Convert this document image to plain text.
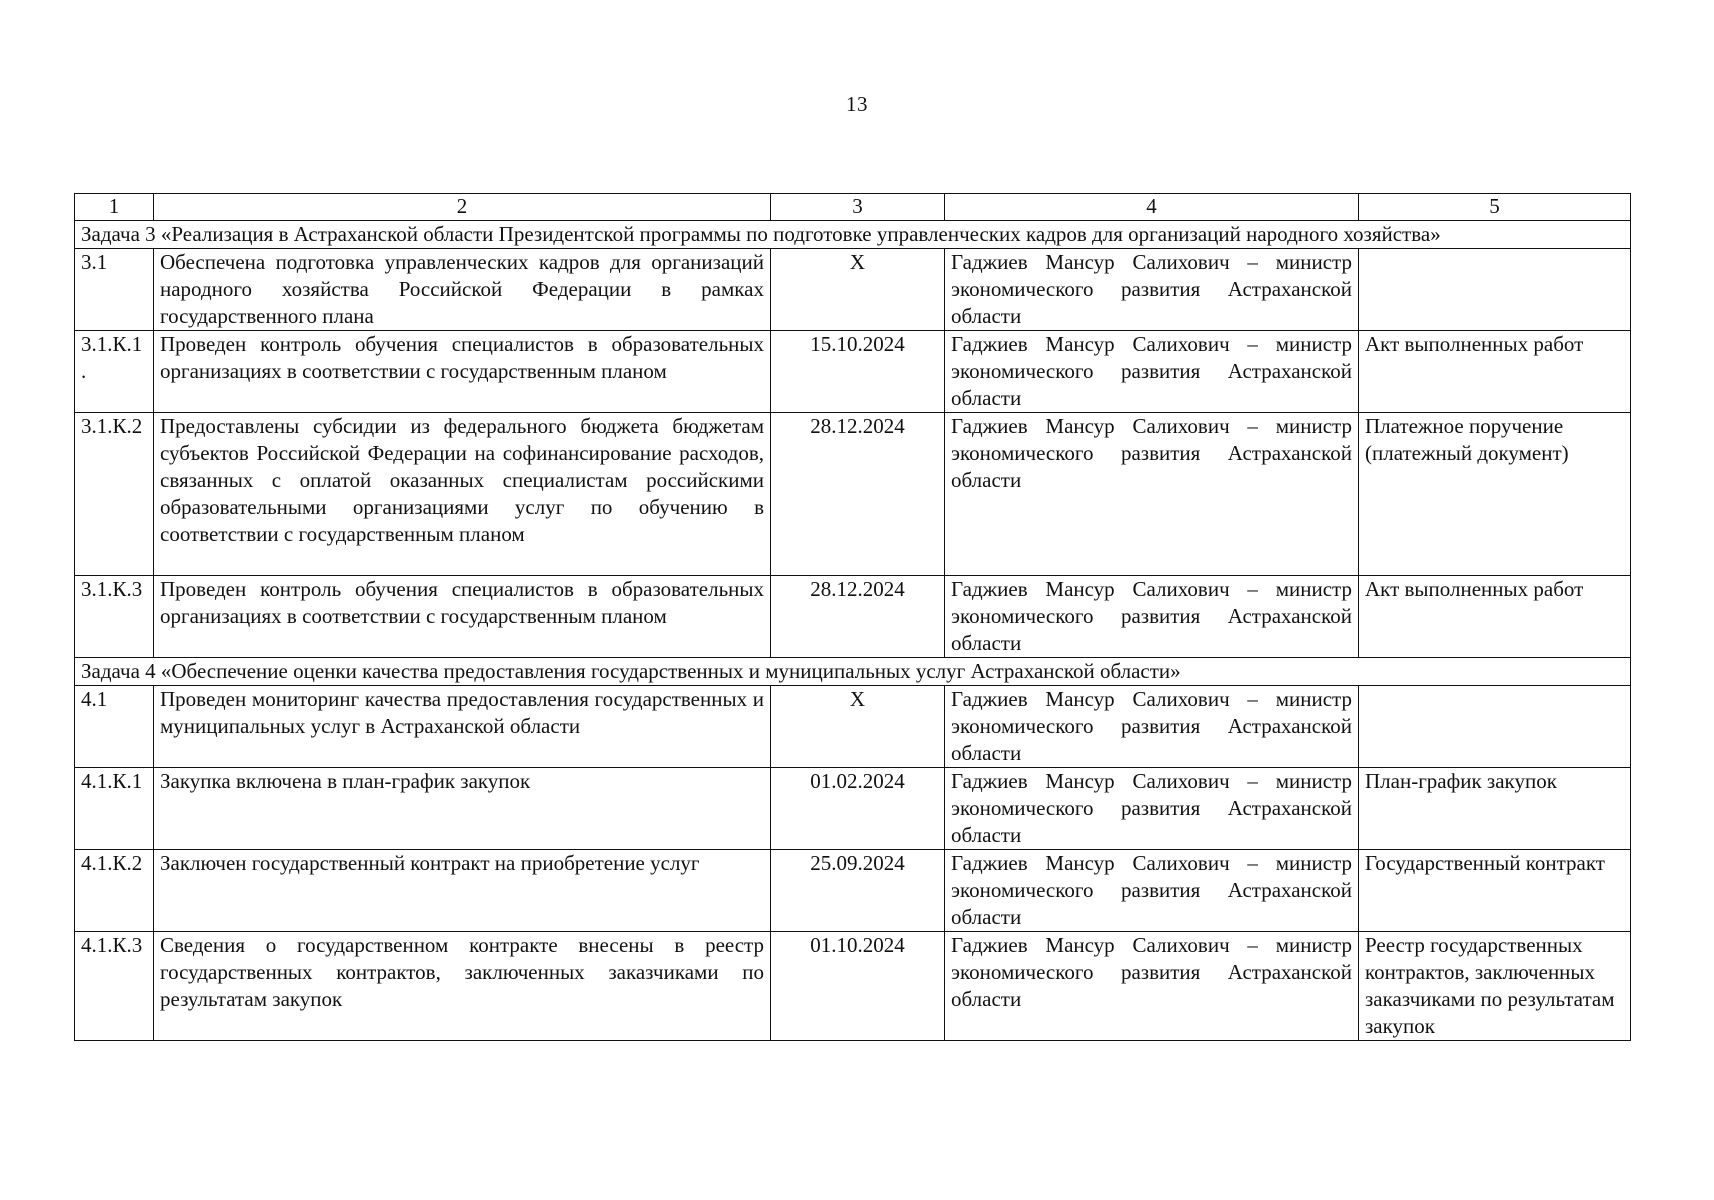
13
1	2	3	4	5
Задача 3 «Реализация в Астраханской области Президентской программы по подготовке управленческих кадров для организаций народного хозяйства»				
3.1	Обеспечена подготовка управленческих кадров для организаций народного хозяйства Российской Федерации в рамках государственного плана	X	Гаджиев Мансур Салихович – министр экономического развития Астраханской области	
3.1.К.1 .	Проведен контроль обучения специалистов в образовательных организациях в соответствии с государственным планом	15.10.2024	Гаджиев Мансур Салихович – министр экономического развития Астраханской области	Акт выполненных работ
3.1.К.2	Предоставлены субсидии из федерального бюджета бюджетам субъектов Российской Федерации на софинансирование расходов, связанных с оплатой оказанных специалистам российскими образовательными организациями услуг по обучению в соответствии с государственным планом	28.12.2024	Гаджиев Мансур Салихович – министр экономического развития Астраханской области	Платежное поручение (платежный документ)
3.1.К.3	Проведен контроль обучения специалистов в образовательных организациях в соответствии с государственным планом	28.12.2024	Гаджиев Мансур Салихович – министр экономического развития Астраханской области	Акт выполненных работ
Задача 4 «Обеспечение оценки качества предоставления государственных и муниципальных услуг Астраханской области»				
4.1	Проведен мониторинг качества предоставления государственных и муниципальных услуг в Астраханской области	X	Гаджиев Мансур Салихович – министр экономического развития Астраханской области	
4.1.К.1	Закупка включена в план-график закупок	01.02.2024	Гаджиев Мансур Салихович – министр экономического развития Астраханской области	План-график закупок
4.1.К.2	Заключен государственный контракт на приобретение услуг	25.09.2024	Гаджиев Мансур Салихович – министр экономического развития Астраханской области	Государственный контракт
4.1.К.3	Сведения о государственном контракте внесены в реестр государственных контрактов, заключенных заказчиками по результатам закупок	01.10.2024	Гаджиев Мансур Салихович – министр экономического развития Астраханской области	Реестр государственных контрактов, заключенных заказчиками по результатам закупок
